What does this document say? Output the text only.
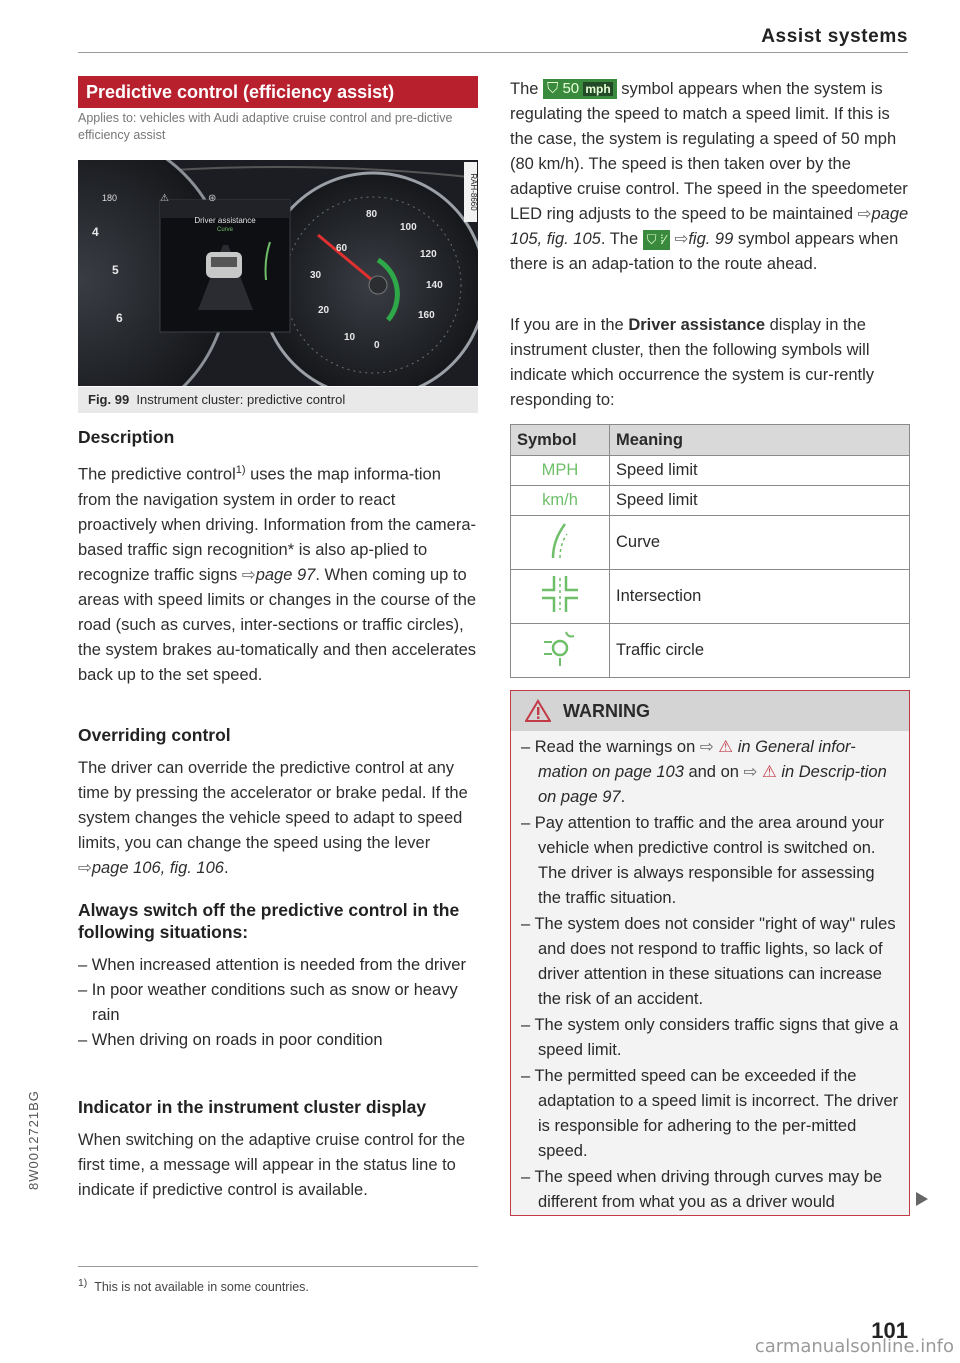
Assist systems
Predictive control (efficiency assist)
Applies to: vehicles with Audi adaptive cruise control and pre-dictive efficiency assist
Driver assistance
Curve
180	⚠	⊛
60
80
100
120
140
160
30
20
10
0
4
5
6
RAH-8660
Fig. 99 Instrument cluster: predictive control
Description
The predictive control$^{1)}$ uses the map informa-tion from the navigation system in order to react proactively when driving. Information from the camera-based traffic sign recognition* is also ap-plied to recognize traffic signs ⇨page 97. When coming up to areas with speed limits or changes in the course of the road (such as curves, inter-sections or traffic circles), the system brakes au-tomatically and then accelerates back up to the set speed.
Overriding control
The driver can override the predictive control at any time by pressing the accelerator or brake pedal. If the system changes the vehicle speed to adapt to speed limits, you can change the speed using the lever ⇨page 106, fig. 106.
Always switch off the predictive control in the following situations:
– When increased attention is needed from the driver
– In poor weather conditions such as snow or heavy rain
– When driving on roads in poor condition
Indicator in the instrument cluster display
When switching on the adaptive cruise control for the first time, a message will appear in the status line to indicate if predictive control is available.
$^{1)}$ This is not available in some countries.
The ⛉ 50 mph symbol appears when the system is regulating the speed to match a speed limit. If this is the case, the system is regulating a speed of 50 mph (80 km/h). The speed is then taken over by the adaptive cruise control. The speed in the speedometer LED ring adjusts to the speed to be maintained ⇨page 105, fig. 105. The ⛉ ⁞⁄ ⇨fig. 99 symbol appears when there is an adap-tation to the route ahead.
If you are in the Driver assistance display in the instrument cluster, then the following symbols will indicate which occurrence the system is cur-rently responding to:
Symbol	Meaning
MPH	Speed limit
km/h	Speed limit
	Curve
	Intersection
	Traffic circle
WARNING
– Read the warnings on ⇨ ⚠ in General infor-mation on page 103 and on ⇨ ⚠ in Descrip-tion on page 97.
– Pay attention to traffic and the area around your vehicle when predictive control is switched on. The driver is always responsible for assessing the traffic situation.
– The system does not consider "right of way" rules and does not respond to traffic lights, so lack of driver attention in these situations can increase the risk of an accident.
– The system only considers traffic signs that give a speed limit.
– The permitted speed can be exceeded if the adaptation to a speed limit is incorrect. The driver is responsible for adhering to the per-mitted speed.
– The speed when driving through curves may be different from what you as a driver would
8W0012721BG
101
carmanualsonline.info
